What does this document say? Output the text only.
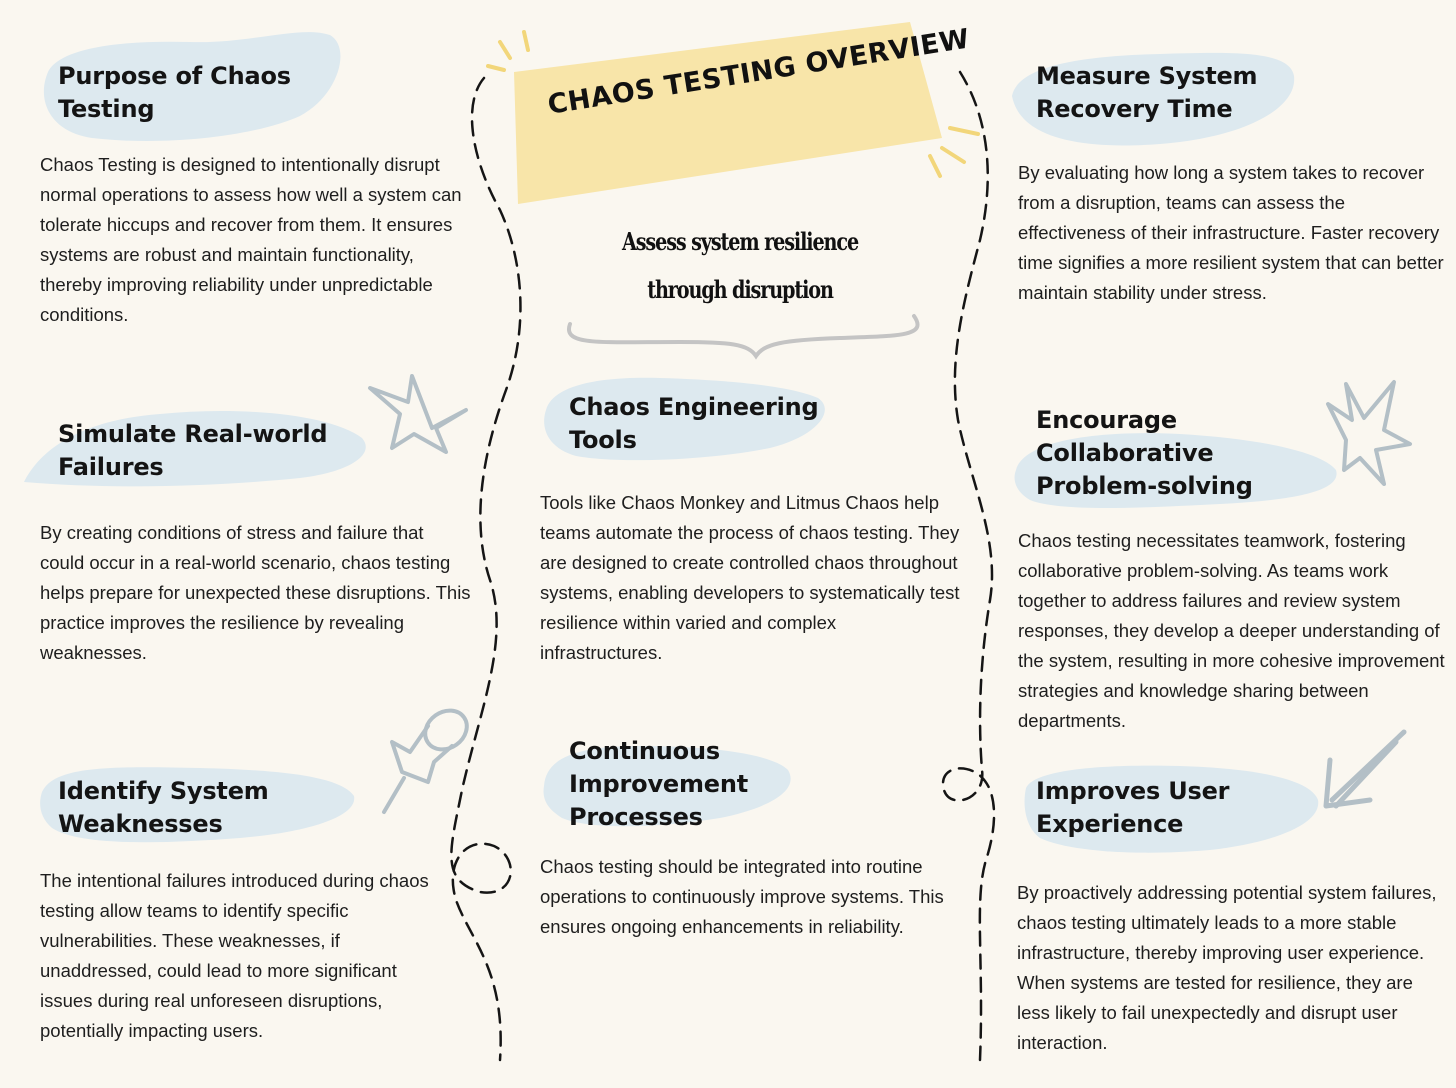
CHAOS TESTING OVERVIEW

Assess system resilience through disruption

Purpose of Chaos Testing
Simulate Real-world Failures
Identify System Weaknesses
Chaos Engineering Tools
Continuous Improvement Processes
Measure System Recovery Time
Encourage Collaborative Problem-solving
Improves User Experience

Chaos Testing is designed to intentionally disrupt normal operations to assess how well a system can tolerate hiccups and recover from them. It ensures systems are robust and maintain functionality, thereby improving reliability under unpredictable conditions.

By creating conditions of stress and failure that could occur in a real-world scenario, chaos testing helps prepare for unexpected these disruptions. This practice improves the resilience by revealing weaknesses.

The intentional failures introduced during chaos testing allow teams to identify specific vulnerabilities. These weaknesses, if unaddressed, could lead to more significant issues during real unforeseen disruptions, potentially impacting users.

Tools like Chaos Monkey and Litmus Chaos help teams automate the process of chaos testing. They are designed to create controlled chaos throughout systems, enabling developers to systematically test resilience within varied and complex infrastructures.

Chaos testing should be integrated into routine operations to continuously improve systems. This ensures ongoing enhancements in reliability.

By evaluating how long a system takes to recover from a disruption, teams can assess the effectiveness of their infrastructure. Faster recovery time signifies a more resilient system that can better maintain stability under stress.

Chaos testing necessitates teamwork, fostering collaborative problem-solving. As teams work together to address failures and review system responses, they develop a deeper understanding of the system, resulting in more cohesive improvement strategies and knowledge sharing between departments.

By proactively addressing potential system failures, chaos testing ultimately leads to a more stable infrastructure, thereby improving user experience. When systems are tested for resilience, they are less likely to fail unexpectedly and disrupt user interaction.
